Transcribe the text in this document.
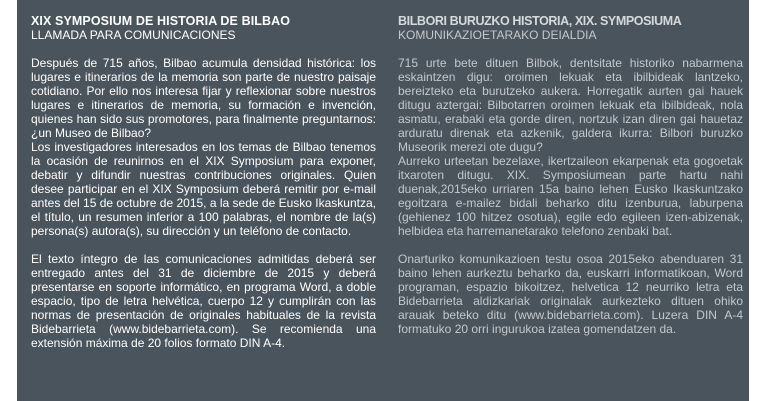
XIX SYMPOSIUM DE HISTORIA DE BILBAO
LLAMADA PARA COMUNICACIONES
Después de 715 años, Bilbao acumula densidad histórica: los lugares e itinerarios de la memoria son parte de nuestro paisaje cotidiano. Por ello nos interesa fijar y reflexionar sobre nuestros lugares e itinerarios de memoria, su formación e invención, quienes han sido sus promotores, para finalmente preguntarnos: ¿un Museo de Bilbao?
Los investigadores interesados en los temas de Bilbao tenemos la ocasión de reunirnos en el XIX Symposium para exponer, debatir y difundir nuestras contribuciones originales. Quien desee participar en el XIX Symposium deberá remitir por e-mail antes del 15 de octubre de 2015, a la sede de Eusko Ikaskuntza, el título, un resumen inferior a 100 palabras, el nombre de la(s) persona(s) autora(s), su dirección y un teléfono de contacto.
El texto íntegro de las comunicaciones admitidas deberá ser entregado antes del 31 de diciembre de 2015 y deberá presentarse en soporte informático, en programa Word, a doble espacio, tipo de letra helvética, cuerpo 12 y cumplirán con las normas de presentación de originales habituales de la revista Bidebarrieta (www.bidebarrieta.com). Se recomienda una extensión máxima de 20 folios formato DIN A-4.
BILBORI BURUZKO HISTORIA, XIX. SYMPOSIUMA
KOMUNIKAZIOETARAKO DEIALDIA
715 urte bete dituen Bilbok, dentsitate historiko nabarmena eskaintzen digu: oroimen lekuak eta ibilbideak lantzeko, bereizteko eta burutzeko aukera. Horregatik aurten gai hauek ditugu aztergai: Bilbotarren oroimen lekuak eta ibilbideak, nola asmatu, erabaki eta gorde diren, nortzuk izan diren gai hauetaz arduratu direnak eta azkenik, galdera ikurra: Bilbori buruzko Museorik merezi ote dugu?
Aurreko urteetan bezelaxe, ikertzaileon ekarpenak eta gogoetak itxaroten ditugu. XIX. Symposiumean parte hartu nahi duenak,2015eko urriaren 15a baino lehen Eusko Ikaskuntzako egoitzara e-mailez bidali beharko ditu izenburua, laburpena (gehienez 100 hitzez osotua), egile edo egileen izen-abizenak, helbidea eta harremanetarako telefono zenbaki bat.
Onarturiko komunikazioen testu osoa 2015eko abenduaren 31 baino lehen aurkeztu beharko da, euskarri informatikoan, Word programan, espazio bikoitzez, helvetica 12 neurriko letra eta Bidebarrieta aldizkariak originalak aurkezteko dituen ohiko arauak beteko ditu (www.bidebarrieta.com). Luzera DIN A-4 formatuko 20 orri ingurukoa izatea gomendatzen da.
